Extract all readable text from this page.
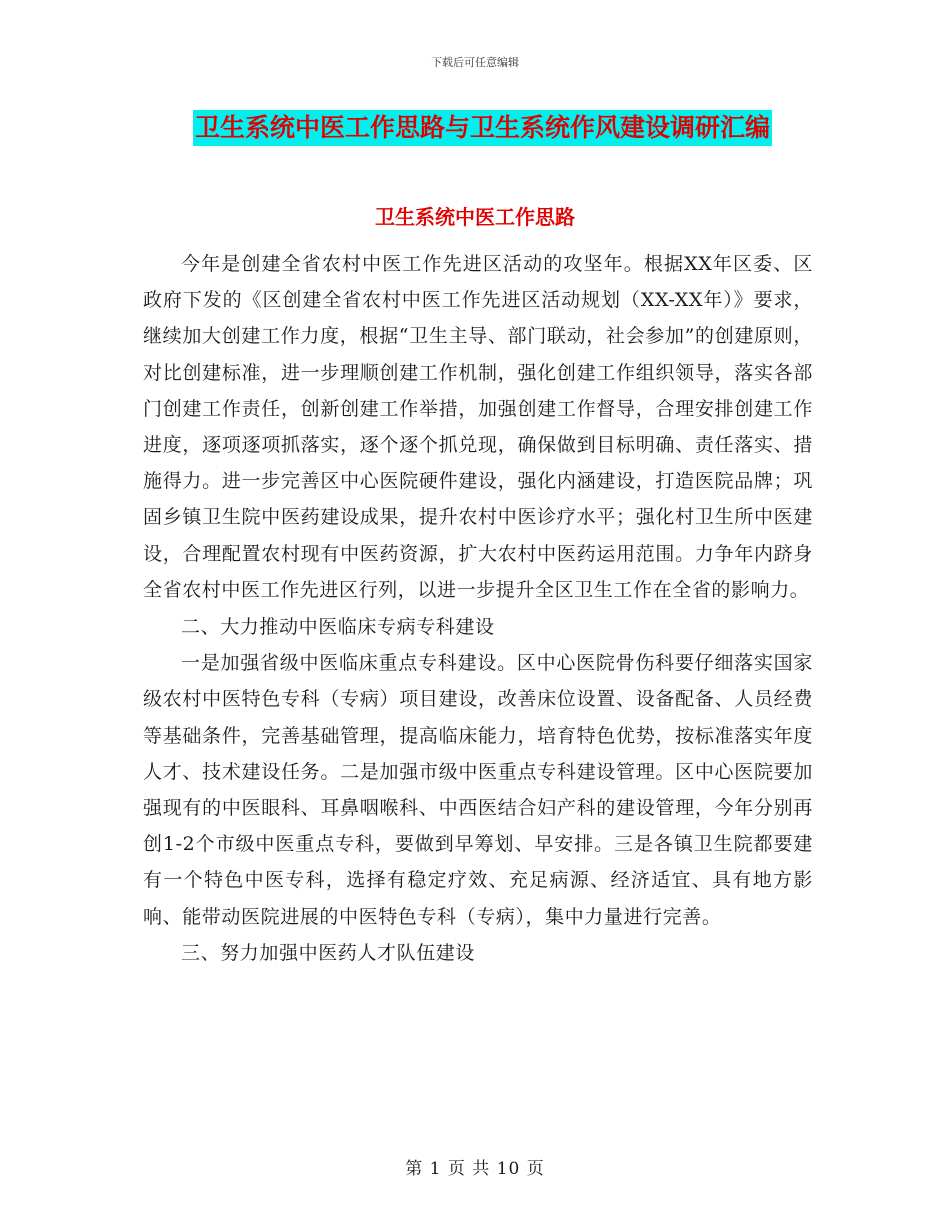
下载后可任意编辑
卫生系统中医工作思路与卫生系统作风建设调研汇编
卫生系统中医工作思路

今年是创建全省农村中医工作先进区活动的攻坚年。根据XX年区委、区政府下发的《区创建全省农村中医工作先进区活动规划（XX-XX年）》要求，继续加大创建工作力度，根据“卫生主导、部门联动，社会参加”的创建原则，对比创建标准，进一步理顺创建工作机制，强化创建工作组织领导，落实各部门创建工作责任，创新创建工作举措，加强创建工作督导，合理安排创建工作进度，逐项逐项抓落实，逐个逐个抓兑现，确保做到目标明确、责任落实、措施得力。进一步完善区中心医院硬件建设，强化内涵建设，打造医院品牌；巩固乡镇卫生院中医药建设成果，提升农村中医诊疗水平；强化村卫生所中医建设，合理配置农村现有中医药资源，扩大农村中医药运用范围。力争年内跻身全省农村中医工作先进区行列，以进一步提升全区卫生工作在全省的影响力。

二、大力推动中医临床专病专科建设

一是加强省级中医临床重点专科建设。区中心医院骨伤科要仔细落实国家级农村中医特色专科（专病）项目建设，改善床位设置、设备配备、人员经费等基础条件，完善基础管理，提高临床能力，培育特色优势，按标准落实年度人才、技术建设任务。二是加强市级中医重点专科建设管理。区中心医院要加强现有的中医眼科、耳鼻咽喉科、中西医结合妇产科的建设管理，今年分别再创1-2个市级中医重点专科，要做到早筹划、早安排。三是各镇卫生院都要建有一个特色中医专科，选择有稳定疗效、充足病源、经济适宜、具有地方影响、能带动医院进展的中医特色专科（专病），集中力量进行完善。

三、努力加强中医药人才队伍建设

第 1 页 共 10 页
